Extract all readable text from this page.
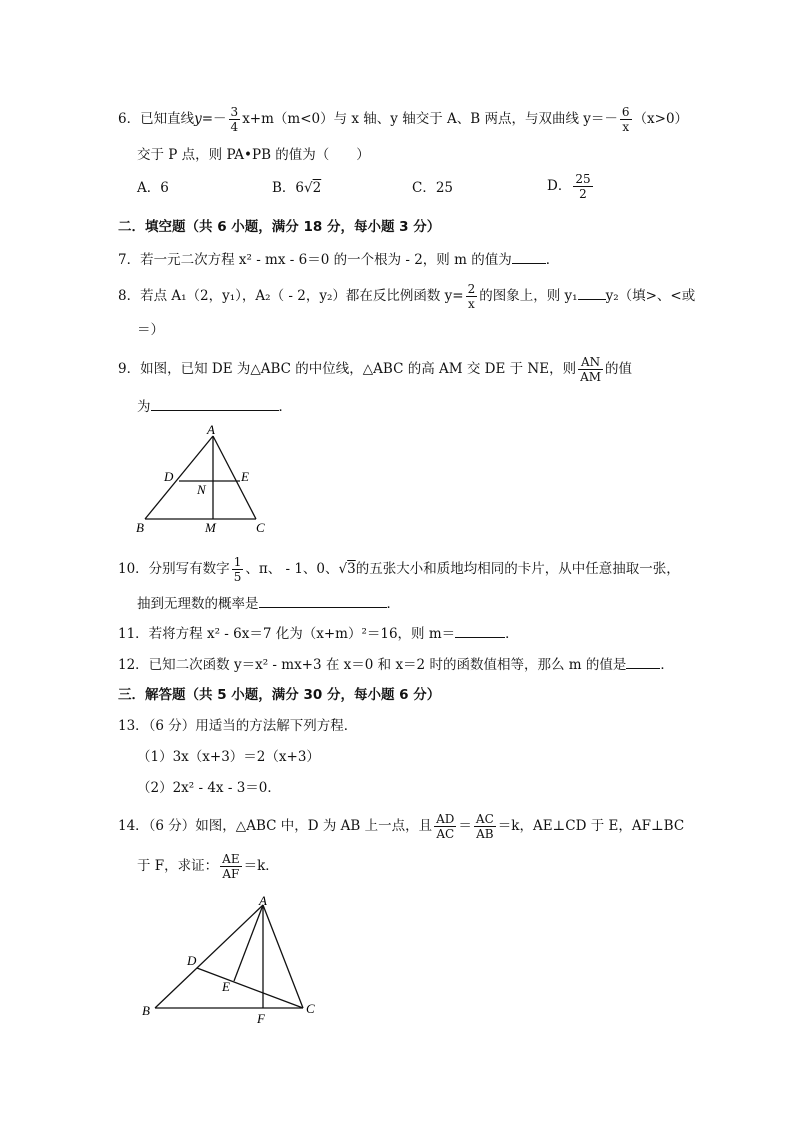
6．已知直线$y=- \frac{3}{4} x+m(m<0)$与 x 轴、y 轴交于 A、B 两点，与双曲线 $y=- \frac{6}{x} (x>0)$
交于 P 点，则 PA•PB 的值为（　　）
A．6	B．6√2	C．25	D． $\frac{25}{2}$
二．填空题（共 6 小题，满分 18 分，每小题 3 分）
7．若一元二次方程 x² - mx - 6＝0 的一个根为 - 2，则 m 的值为	．
8．若点 A₁（2，y₁），A₂（ - 2，y₂）都在反比例函数 $y= \frac{2}{x}$ 的图象上，则 y₁ y₂（填>、<或
＝）
9．如图，已知 DE 为△ABC 的中位线，△ABC 的高 AM 交 DE 于 NE，则 $\frac{AN}{AM}$ 的值
为	．
A
D	E
N
B	M	C
10．分别写有数字 $\frac{1}{5}$ 、π、 - 1、0、√3的五张大小和质地均相同的卡片，从中任意抽取一张，
抽到无理数的概率是	．
11．若将方程 x² - 6x＝7 化为（x+m）²＝16，则 m＝	．
12．已知二次函数 y＝x² - mx+3 在 x＝0 和 x＝2 时的函数值相等，那么 m 的值是	．
三．解答题（共 5 小题，满分 30 分，每小题 6 分）
13．（6 分）用适当的方法解下列方程．
（1）3x（x+3）＝2（x+3）
（2）2x² - 4x - 3＝0．
14．（6 分）如图，△ABC 中，D 为 AB 上一点，且 $\frac{AD}{AC} = \frac{AC}{AB} =k$，AE⊥CD 于 E，AF⊥BC
于 F，求证： $\frac{AE}{AF} =k$．
A
D
E
B
F
C
